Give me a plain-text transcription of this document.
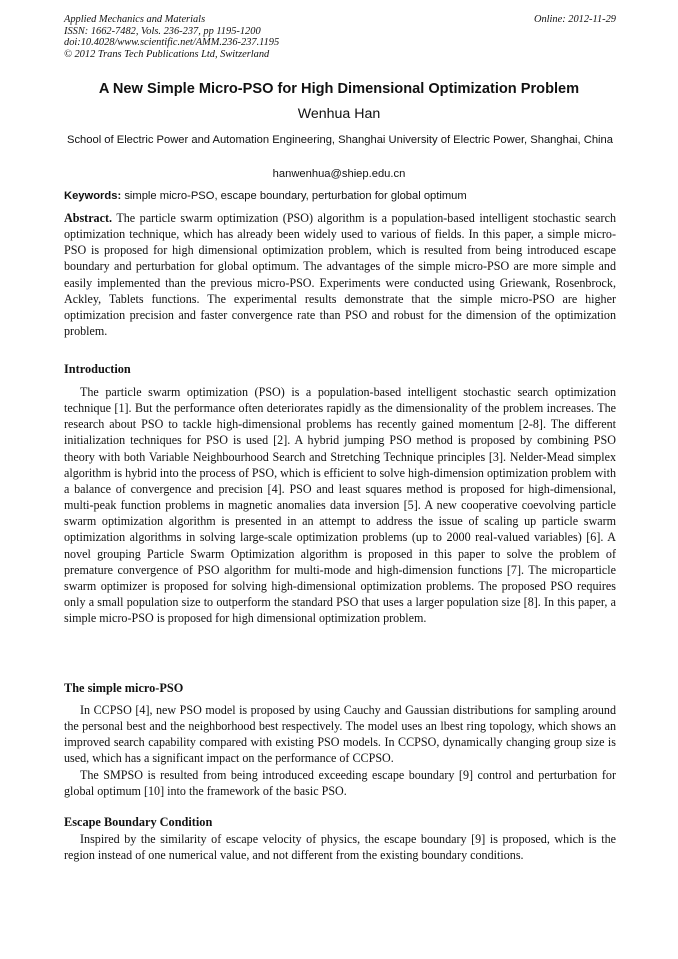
Applied Mechanics and Materials
ISSN: 1662-7482, Vols. 236-237, pp 1195-1200
doi:10.4028/www.scientific.net/AMM.236-237.1195
© 2012 Trans Tech Publications Ltd, Switzerland
Online: 2012-11-29
A New Simple Micro-PSO for High Dimensional Optimization Problem
Wenhua Han
School of Electric Power and Automation Engineering, Shanghai University of Electric Power, Shanghai, China
hanwenhua@shiep.edu.cn
Keywords: simple micro-PSO, escape boundary, perturbation for global optimum

Abstract. The particle swarm optimization (PSO) algorithm is a population-based intelligent stochastic search optimization technique, which has already been widely used to various of fields. In this paper, a simple micro-PSO is proposed for high dimensional optimization problem, which is resulted from being introduced escape boundary and perturbation for global optimum. The advantages of the simple micro-PSO are more simple and easily implemented than the previous micro-PSO. Experiments were conducted using Griewank, Rosenbrock, Ackley, Tablets functions. The experimental results demonstrate that the simple micro-PSO are higher optimization precision and faster convergence rate than PSO and robust for the dimension of the optimization problem.

Introduction

The particle swarm optimization (PSO) is a population-based intelligent stochastic search optimization technique [1]. But the performance often deteriorates rapidly as the dimensionality of the problem increases. The research about PSO to tackle high-dimensional problems has recently gained momentum [2-8]. The different initialization techniques for PSO is used [2]. A hybrid jumping PSO method is proposed by combining PSO theory with both Variable Neighbourhood Search and Stretching Technique principles [3]. Nelder-Mead simplex algorithm is hybrid into the process of PSO, which is efficient to solve high-dimension optimization problem with a balance of convergence and precision [4]. PSO and least squares method is proposed for high-dimensional, multi-peak function problems in magnetic anomalies data inversion [5]. A new cooperative coevolving particle swarm optimization algorithm is presented in an attempt to address the issue of scaling up particle swarm optimization algorithms in solving large-scale optimization problems (up to 2000 real-valued variables) [6]. A novel grouping Particle Swarm Optimization algorithm is proposed in this paper to solve the problem of premature convergence of PSO algorithm for multi-mode and high-dimension functions [7]. The microparticle swarm optimizer is proposed for solving high-dimensional optimization problems. The proposed PSO requires only a small population size to outperform the standard PSO that uses a larger population size [8]. In this paper, a simple micro-PSO is proposed for high dimensional optimization problem.

The simple micro-PSO

In CCPSO [4], new PSO model is proposed by using Cauchy and Gaussian distributions for sampling around the personal best and the neighborhood best respectively. The model uses an lbest ring topology, which shows an improved search capability compared with existing PSO models. In CCPSO, dynamically changing group size is used, which has a significant impact on the performance of CCPSO.

The SMPSO is resulted from being introduced exceeding escape boundary [9] control and perturbation for global optimum [10] into the framework of the basic PSO.

Escape Boundary Condition

Inspired by the similarity of escape velocity of physics, the escape boundary [9] is proposed, which is the region instead of one numerical value, and not different from the existing boundary conditions.
